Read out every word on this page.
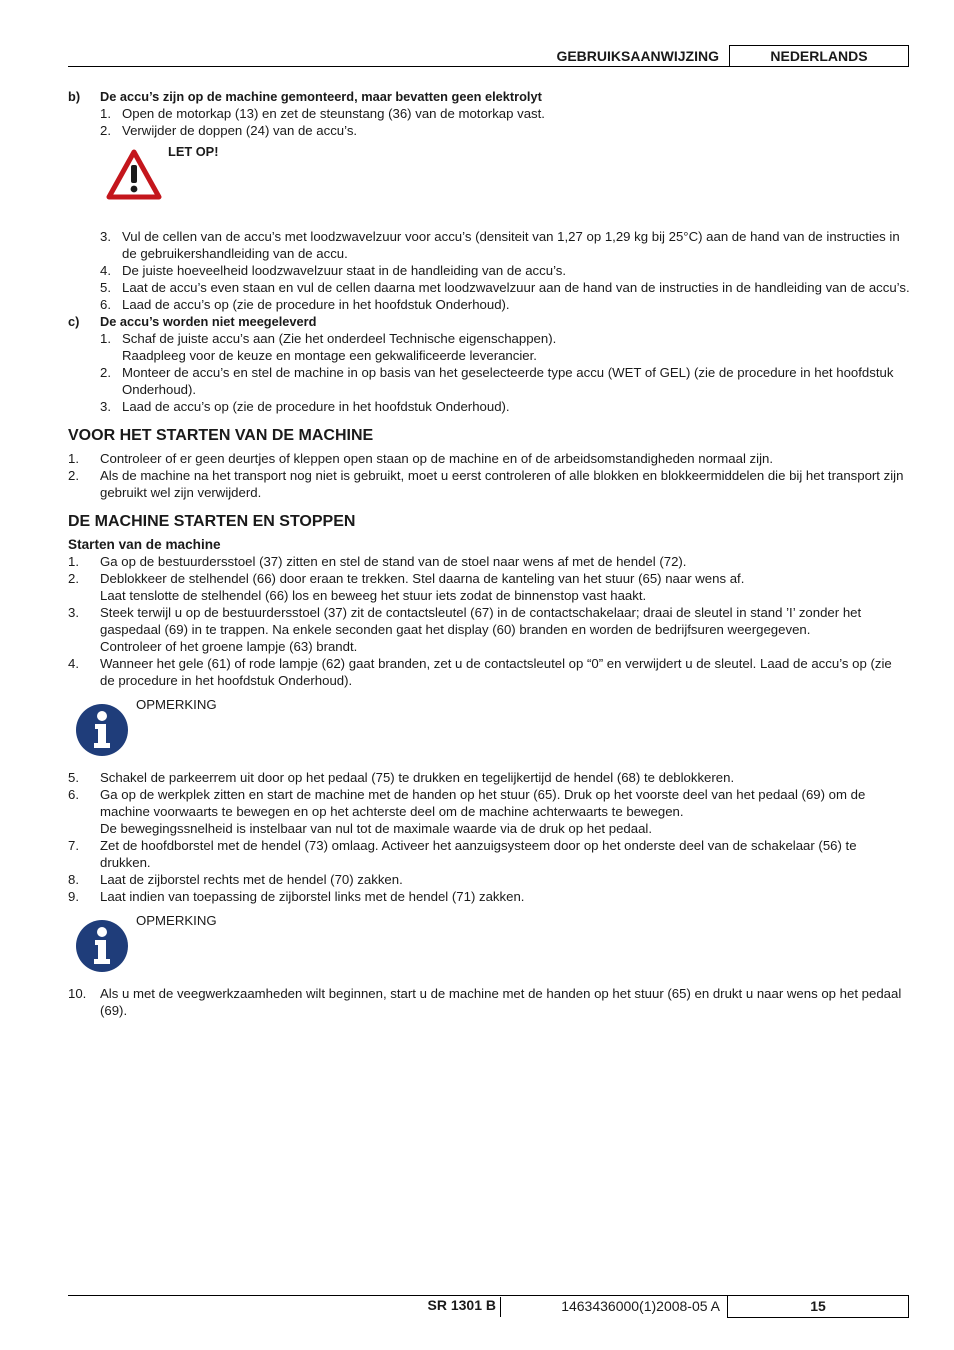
GEBRUIKSAANWIJZING	NEDERLANDS
b)	De accu’s zijn op de machine gemonteerd, maar bevatten geen elektrolyt
1. Open de motorkap (13) en zet de steunstang (36) van de motorkap vast.
2. Verwijder de doppen (24) van de accu’s.
LET OP!
3. Vul de cellen van de accu’s met loodzwavelzuur voor accu’s (densiteit van 1,27 op 1,29 kg bij 25°C) aan de hand van de instructies in de gebruikershandleiding van de accu.
4. De juiste hoeveelheid loodzwavelzuur staat in de handleiding van de accu’s.
5. Laat de accu’s even staan en vul de cellen daarna met loodzwavelzuur aan de hand van de instructies in de handleiding van de accu’s.
6. Laad de accu’s op (zie de procedure in het hoofdstuk Onderhoud).
c)	De accu’s worden niet meegeleverd
1. Schaf de juiste accu’s aan (Zie het onderdeel Technische eigenschappen).
Raadpleeg voor de keuze en montage een gekwalificeerde leverancier.
2. Monteer de accu’s en stel de machine in op basis van het geselecteerde type accu (WET of GEL) (zie de procedure in het hoofdstuk Onderhoud).
3. Laad de accu’s op (zie de procedure in het hoofdstuk Onderhoud).
VOOR HET STARTEN VAN DE MACHINE
1.	Controleer of er geen deurtjes of kleppen open staan op de machine en of de arbeidsomstandigheden normaal zijn.
2.	Als de machine na het transport nog niet is gebruikt, moet u eerst controleren of alle blokken en blokkeermiddelen die bij het transport zijn gebruikt wel zijn verwijderd.
DE MACHINE STARTEN EN STOPPEN
Starten van de machine
1.	Ga op de bestuurdersstoel (37) zitten en stel de stand van de stoel naar wens af met de hendel (72).
2.	Deblokkeer de stelhendel (66) door eraan te trekken. Stel daarna de kanteling van het stuur (65) naar wens af.
Laat tenslotte de stelhendel (66) los en beweeg het stuur iets zodat de binnenstop vast haakt.
3.	Steek terwijl u op de bestuurdersstoel (37) zit de contactsleutel (67) in de contactschakelaar; draai de sleutel in stand ’I’ zonder het gaspedaal (69) in te trappen. Na enkele seconden gaat het display (60) branden en worden de bedrijfsuren weergegeven.
Controleer of het groene lampje (63) brandt.
4.	Wanneer het gele (61) of rode lampje (62) gaat branden, zet u de contactsleutel op “0” en verwijdert u de sleutel. Laad de accu’s op (zie de procedure in het hoofdstuk Onderhoud).
OPMERKING
5.	Schakel de parkeerrem uit door op het pedaal (75) te drukken en tegelijkertijd de hendel (68) te deblokkeren.
6.	Ga op de werkplek zitten en start de machine met de handen op het stuur (65). Druk op het voorste deel van het pedaal (69) om de machine voorwaarts te bewegen en op het achterste deel om de machine achterwaarts te bewegen.
De bewegingssnelheid is instelbaar van nul tot de maximale waarde via de druk op het pedaal.
7.	Zet de hoofdborstel met de hendel (73) omlaag. Activeer het aanzuigsysteem door op het onderste deel van de schakelaar (56) te drukken.
8.	Laat de zijborstel rechts met de hendel (70) zakken.
9.	Laat indien van toepassing de zijborstel links met de hendel (71) zakken.
OPMERKING
10.	Als u met de veegwerkzaamheden wilt beginnen, start u de machine met de handen op het stuur (65) en drukt u naar wens op het pedaal (69).
SR 1301 B	1463436000(1)2008-05 A	15
